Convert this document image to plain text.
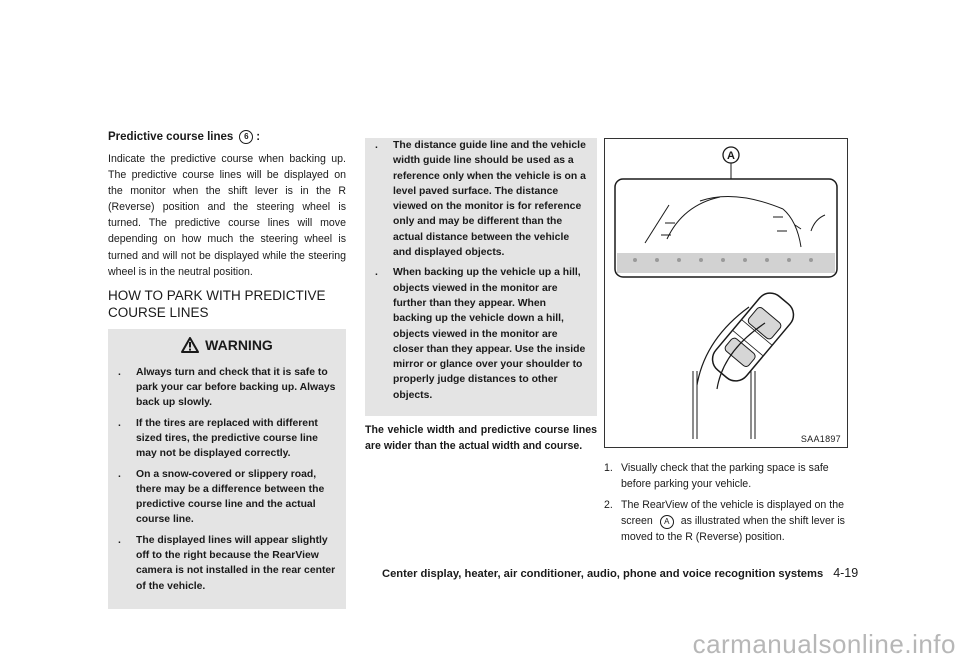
Predictive course lines	6 :

Indicate the predictive course when backing up. The predictive course lines will be displayed on the monitor when the shift lever is in the R (Reverse) position and the steering wheel is turned. The predictive course lines will move depending on how much the steering wheel is turned and will not be displayed while the steering wheel is in the neutral position.

HOW TO PARK WITH PREDICTIVE
COURSE LINES
WARNING
. Always turn and check that it is safe to park your car before backing up. Always back up slowly.
. If the tires are replaced with different sized tires, the predictive course line may not be displayed correctly.
. On a snow-covered or slippery road, there may be a difference between the predictive course line and the actual course line.
. The displayed lines will appear slightly off to the right because the RearView camera is not installed in the rear center of the vehicle.
. The distance guide line and the vehicle width guide line should be used as a reference only when the vehicle is on a level paved surface. The distance viewed on the monitor is for reference only and may be different than the actual distance between the vehicle and displayed objects.
. When backing up the vehicle up a hill, objects viewed in the monitor are further than they appear. When backing up the vehicle down a hill, objects viewed in the monitor are closer than they appear. Use the inside mirror or glance over your shoulder to properly judge distances to other objects.

The vehicle width and predictive course lines are wider than the actual width and course.

A
SAA1897
1. Visually check that the parking space is safe before parking your vehicle.
2. The RearView of the vehicle is displayed on the screen A as illustrated when the shift lever is moved to the R (Reverse) position.
Center display, heater, air conditioner, audio, phone and voice recognition systems 4-19
carmanualsonline.info
